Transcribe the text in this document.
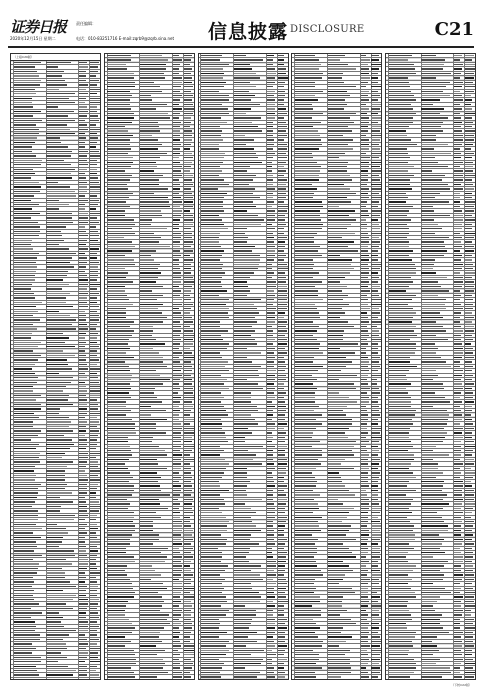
证券日报 责任编辑：
2020年12月15日 星期二	电话：010-83251716 E-mail:zqrb9@zqrb.sina.net 信息披露 DISCLOSURE	C21
（上接C20版）
（下转C22版）
